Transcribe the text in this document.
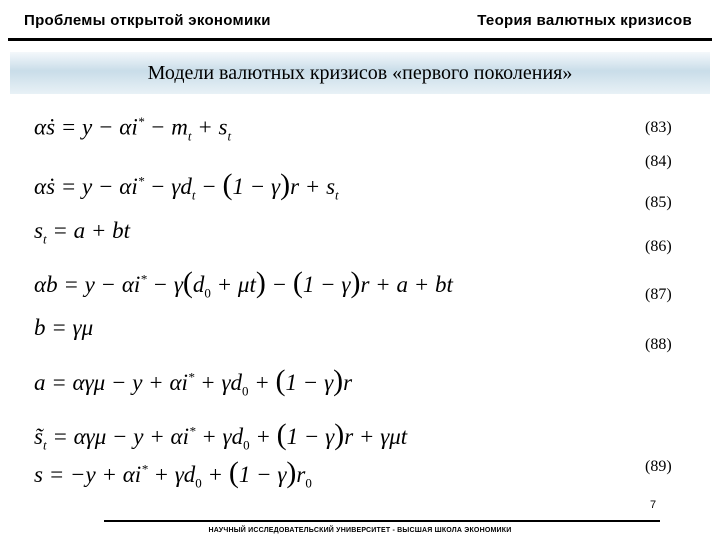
Проблемы открытой экономики	Теория валютных кризисов
Модели валютных кризисов «первого поколения»
αṡ = $y - \alpha i^* - m_t + s_t$
αṡ = $y - \alpha i^* - \gamma d_t - (1 - \gamma)r + s_t$
$s_t = a$ + bt
$\alpha b = y - \alpha i^* - \gamma(d_0 + \mu t) - (1 - \gamma)r + a$ + bt
b = γμ
$a = \alpha\gamma\mu - y + \alpha i^* + \gamma d_0 + (1 - \gamma)r$
$s̃_t = \alpha\gamma\mu - y + \alpha i^* + \gamma d_0 + (1 - \gamma)r + \gamma\mu t$
$s = -y + \alpha i^* + \gamma d_0 + (1 - \gamma)r_0$
(83)
(84)
(85)
(86)
(87)
(88)
(89)
7
НАУЧНЫЙ ИССЛЕДОВАТЕЛЬСКИЙ УНИВЕРСИТЕТ - ВЫСШАЯ ШКОЛА ЭКОНОМИКИ
